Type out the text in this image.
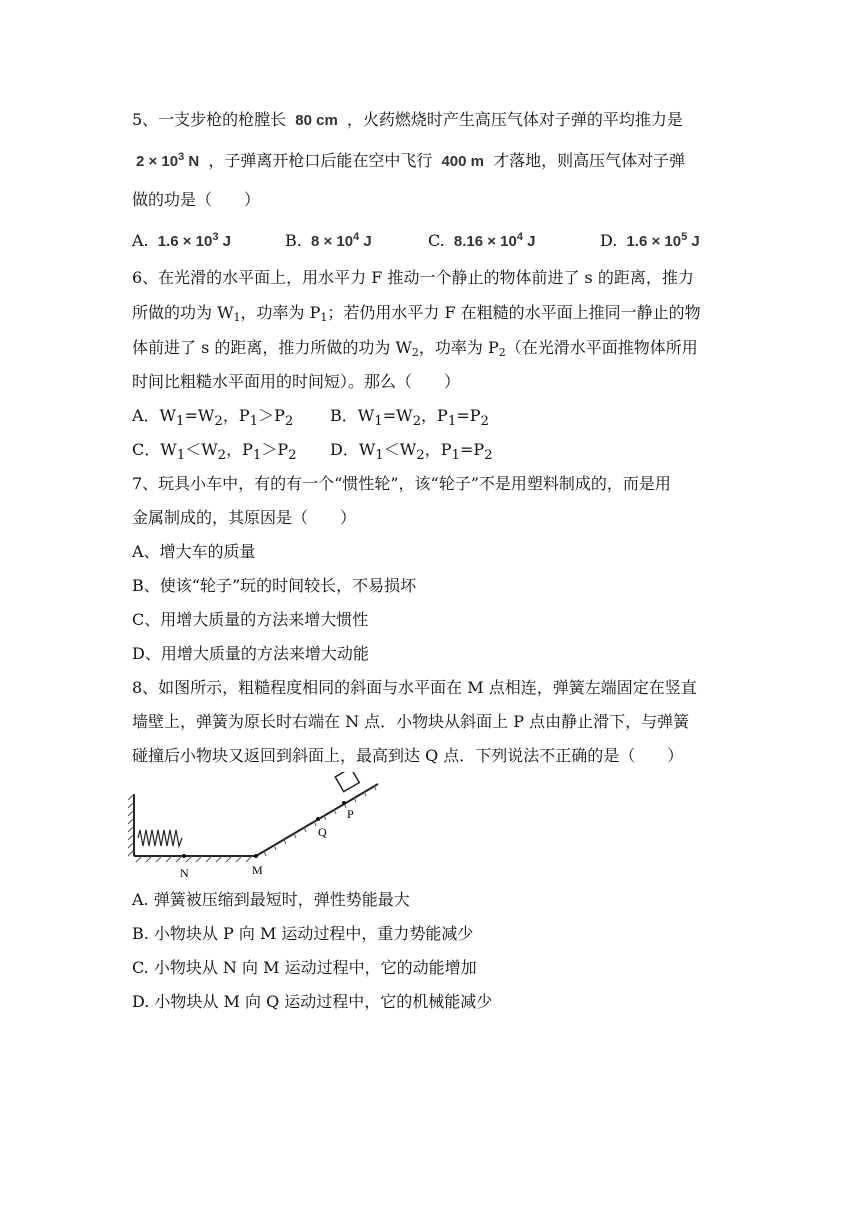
5、一支步枪的枪膛长 80 cm ，火药燃烧时产生高压气体对子弹的平均推力是
$2 \times 10^3$ N ，子弹离开枪口后能在空中飞行 400 m 才落地，则高压气体对子弹
做的功是（　　）
A. $1.6 \times 10^3$ J	B. $8 \times 10^4$ J	C. $8.16 \times 10^4$ J	D. $1.6 \times 10^5$ J
6、在光滑的水平面上，用水平力 F 推动一个静止的物体前进了 s 的距离，推力
所做的功为 $W_1$，功率为 $P_1$；若仍用水平力 F 在粗糙的水平面上推同一静止的物
体前进了 s 的距离，推力所做的功为 $W_2$，功率为 $P_2$（在光滑水平面推物体所用
时间比粗糙水平面用的时间短）。那么（　　）
A．$W_1=W_2$，$P_1>P_2$ B．$W_1=W_2$，$P_1=P_2$
C．$W_1<W_2$，$P_1>P_2$ D．$W_1<W_2$，$P_1=P_2$
7、玩具小车中，有的有一个“惯性轮”，该“轮子”不是用塑料制成的，而是用
金属制成的，其原因是（　　）
A、增大车的质量
B、使该“轮子”玩的时间较长，不易损坏
C、用增大质量的方法来增大惯性
D、用增大质量的方法来增大动能
8、如图所示，粗糙程度相同的斜面与水平面在 M 点相连，弹簧左端固定在竖直
墙壁上，弹簧为原长时右端在 N 点．小物块从斜面上 P 点由静止滑下，与弹簧
碰撞后小物块又返回到斜面上，最高到达 Q 点．下列说法不正确的是（　　）
N	M
Q
P
A. 弹簧被压缩到最短时，弹性势能最大
B. 小物块从 P 向 M 运动过程中，重力势能减少
C. 小物块从 N 向 M 运动过程中，它的动能增加
D. 小物块从 M 向 Q 运动过程中，它的机械能减少
